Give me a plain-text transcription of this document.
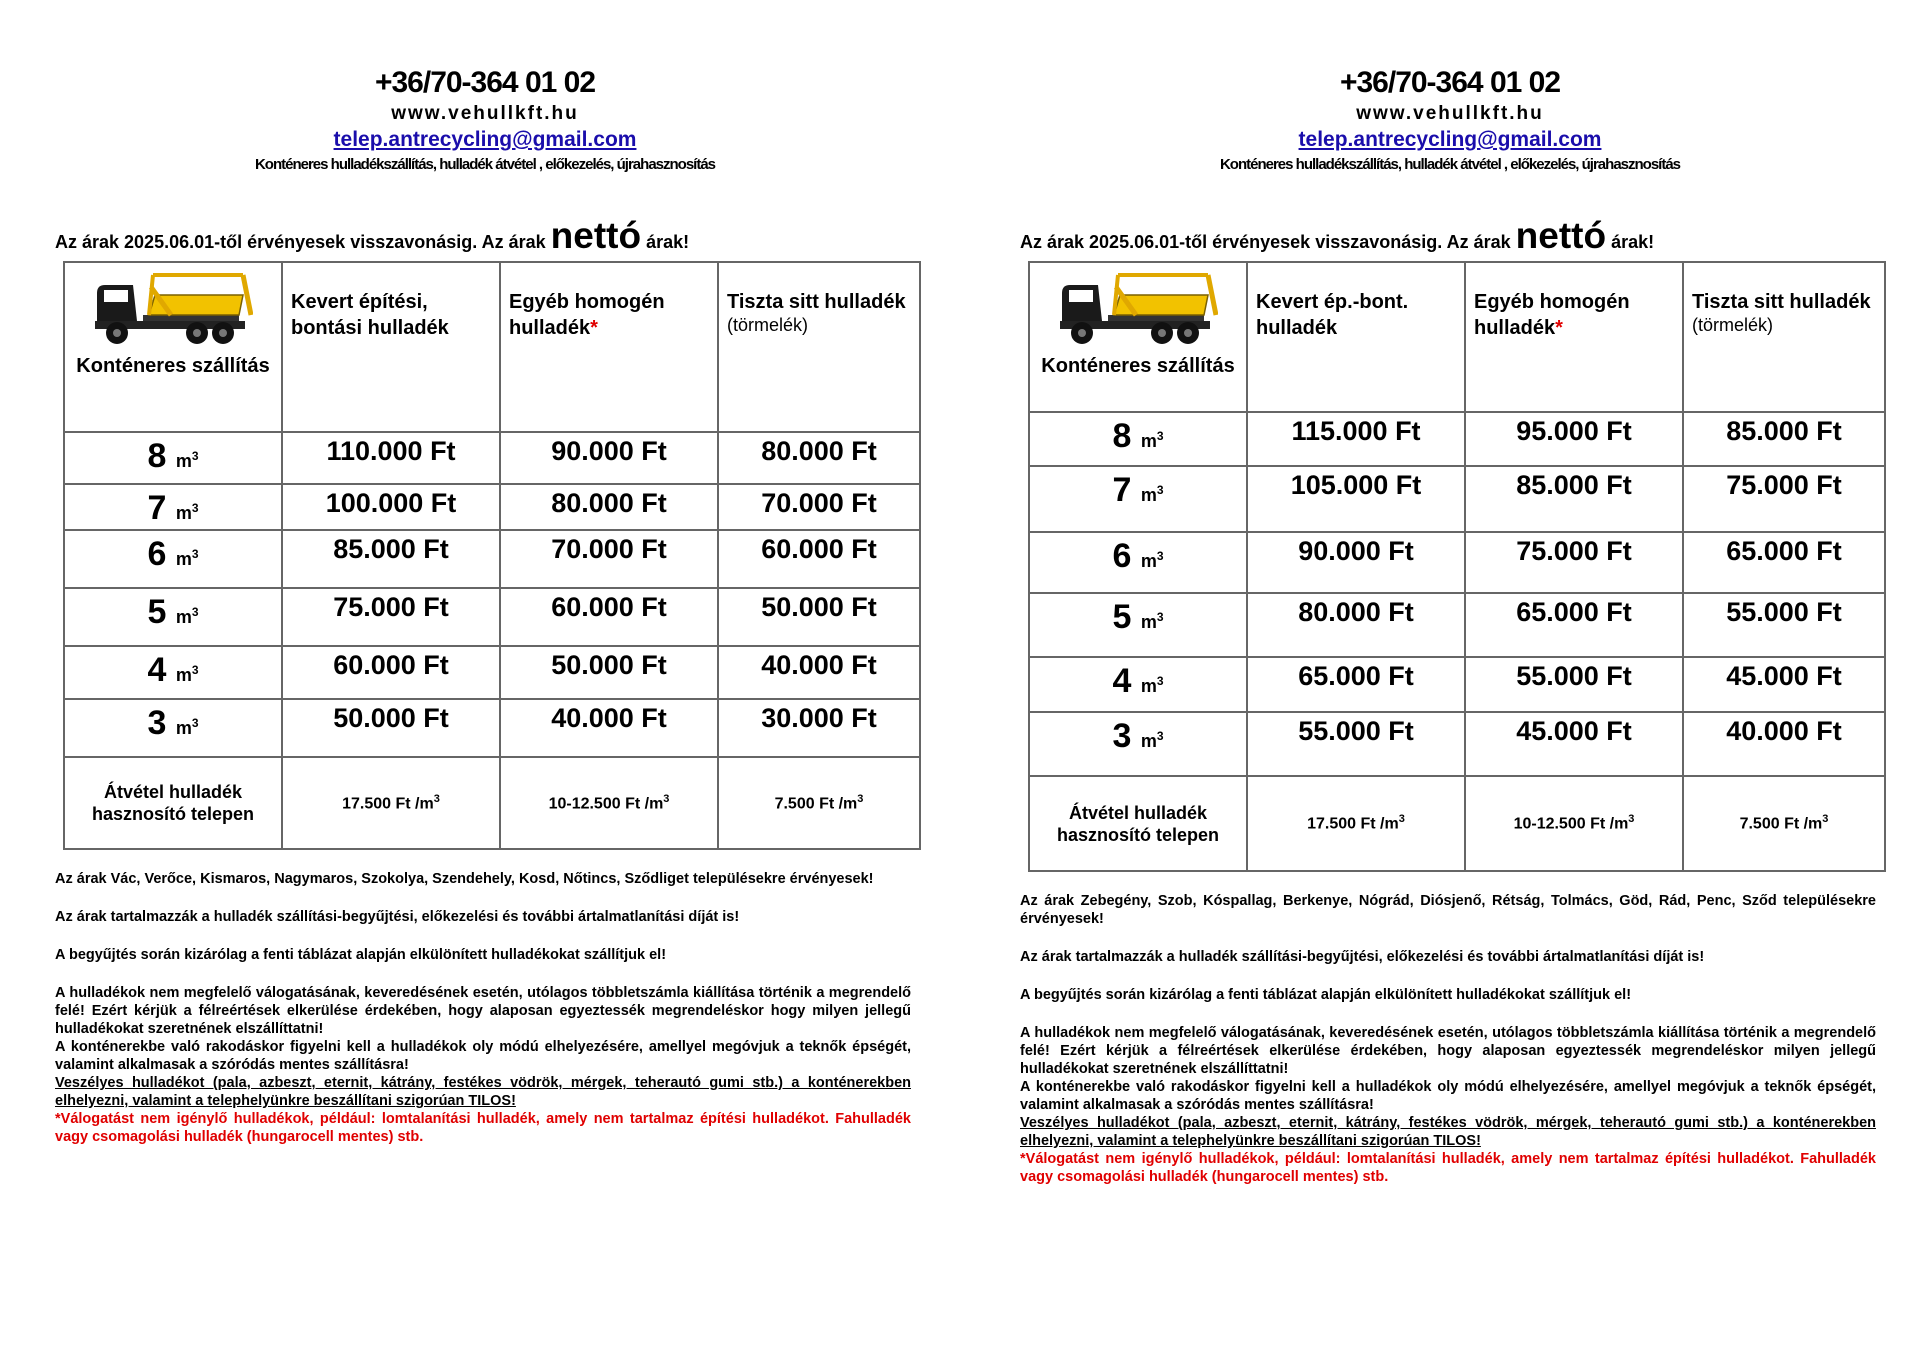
+36/70-364 01 02
www.vehullkft.hu
telep.antrecycling@gmail.com
Konténeres hulladékszállítás, hulladék átvétel , előkezelés, újrahasznosítás
Az árak 2025.06.01-től érvényesek visszavonásig. Az árak nettó árak!
Konténeres szállítás	Kevert építési, bontási hulladék	Egyéb homogén hulladék*	Tiszta sitt hulladék
(törmelék)

8 $m^3$	110.000 Ft	90.000 Ft	80.000 Ft
7 $m^3$	100.000 Ft	80.000 Ft	70.000 Ft
6 $m^3$	85.000 Ft	70.000 Ft	60.000 Ft
5 $m^3$	75.000 Ft	60.000 Ft	50.000 Ft
4 $m^3$	60.000 Ft	50.000 Ft	40.000 Ft
3 $m^3$	50.000 Ft	40.000 Ft	30.000 Ft
Átvétel hulladék hasznosító telepen	17.500 Ft $/m^3$	10-12.500 Ft $/m^3$	7.500 Ft $/m^3$

Az árak Vác, Verőce, Kismaros, Nagymaros, Szokolya, Szendehely, Kosd, Nőtincs, Sződliget településekre érvényesek!

Az árak tartalmazzák a hulladék szállítási-begyűjtési, előkezelési és további ártalmatlanítási díját is!

A begyűjtés során kizárólag a fenti táblázat alapján elkülönített hulladékokat szállítjuk el!

A hulladékok nem megfelelő válogatásának, keveredésének esetén, utólagos többletszámla kiállítása történik a megrendelő felé! Ezért kérjük a félreértések elkerülése érdekében, hogy alaposan egyeztessék megrendeléskor hogy milyen jellegű hulladékokat szeretnének elszállíttatni!

A konténerekbe való rakodáskor figyelni kell a hulladékok oly módú elhelyezésére, amellyel megóvjuk a teknők épségét, valamint alkalmasak a szóródás mentes szállításra!

Veszélyes hulladékot (pala, azbeszt, eternit, kátrány, festékes vödrök, mérgek, teherautó gumi stb.) a konténerekben elhelyezni, valamint a telephelyünkre beszállítani szigorúan TILOS!

*Válogatást nem igénylő hulladékok, például: lomtalanítási hulladék, amely nem tartalmaz építési hulladékot. Fahulladék vagy csomagolási hulladék (hungarocell mentes) stb.

+36/70-364 01 02
www.vehullkft.hu
telep.antrecycling@gmail.com
Konténeres hulladékszállítás, hulladék átvétel , előkezelés, újrahasznosítás
Az árak 2025.06.01-től érvényesek visszavonásig. Az árak nettó árak!
Konténeres szállítás	Kevert ép.-bont. hulladék	Egyéb homogén hulladék*	Tiszta sitt hulladék
(törmelék)

8 $m^3$	115.000 Ft	95.000 Ft	85.000 Ft
7 $m^3$	105.000 Ft	85.000 Ft	75.000 Ft
6 $m^3$	90.000 Ft	75.000 Ft	65.000 Ft
5 $m^3$	80.000 Ft	65.000 Ft	55.000 Ft
4 $m^3$	65.000 Ft	55.000 Ft	45.000 Ft
3 $m^3$	55.000 Ft	45.000 Ft	40.000 Ft
Átvétel hulladék hasznosító telepen	17.500 Ft $/m^3$	10-12.500 Ft $/m^3$	7.500 Ft $/m^3$

Az árak Zebegény, Szob, Kóspallag, Berkenye, Nógrád, Diósjenő, Rétság, Tolmács, Göd, Rád, Penc, Sződ településekre érvényesek!

Az árak tartalmazzák a hulladék szállítási-begyűjtési, előkezelési és további ártalmatlanítási díját is!

A begyűjtés során kizárólag a fenti táblázat alapján elkülönített hulladékokat szállítjuk el!

A hulladékok nem megfelelő válogatásának, keveredésének esetén, utólagos többletszámla kiállítása történik a megrendelő felé! Ezért kérjük a félreértések elkerülése érdekében, hogy alaposan egyeztessék megrendeléskor milyen jellegű hulladékokat szeretnének elszállíttatni!

A konténerekbe való rakodáskor figyelni kell a hulladékok oly módú elhelyezésére, amellyel megóvjuk a teknők épségét, valamint alkalmasak a szóródás mentes szállításra!

Veszélyes hulladékot (pala, azbeszt, eternit, kátrány, festékes vödrök, mérgek, teherautó gumi stb.) a konténerekben elhelyezni, valamint a telephelyünkre beszállítani szigorúan TILOS!

*Válogatást nem igénylő hulladékok, például: lomtalanítási hulladék, amely nem tartalmaz építési hulladékot. Fahulladék vagy csomagolási hulladék (hungarocell mentes) stb.
